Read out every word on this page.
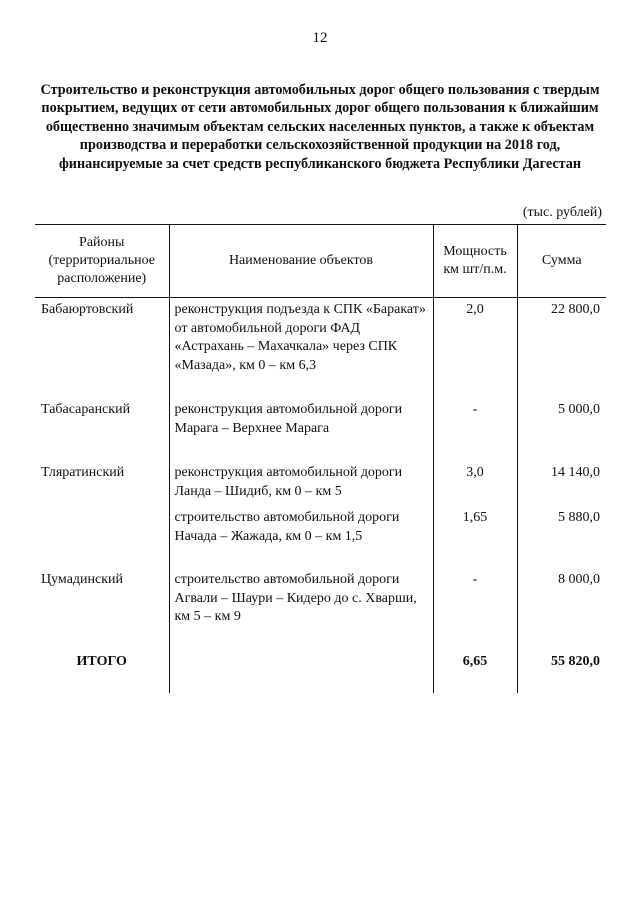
12
Строительство и реконструкция автомобильных дорог общего пользования с твердым покрытием, ведущих от сети автомобильных дорог общего пользования к ближайшим общественно значимым объектам сельских населенных пунктов, а также к объектам производства и переработки сельскохозяйственной продукции на 2018 год, финансируемые за счет средств республиканского бюджета Республики Дагестан
(тыс. рублей)
Районы (территориальное расположение)	Наименование объектов	Мощность км шт/п.м.	Сумма
Бабаюртовский	реконструкция подъезда к СПК «Баракат» от автомобильной дороги ФАД «Астрахань – Махачкала» через СПК «Мазада», км 0 – км 6,3	2,0	22 800,0
Табасаранский	реконструкция автомобильной дороги Марага – Верхнее Марага	-	5 000,0
Тляратинский	реконструкция автомобильной дороги Ланда – Шидиб, км 0 – км 5	3,0	14 140,0
	строительство автомобильной дороги Начада – Жажада, км 0 – км 1,5	1,65	5 880,0
Цумадинский	строительство автомобильной дороги Агвали – Шаури – Кидеро до с. Хварши, км 5 – км 9	-	8 000,0
ИТОГО		6,65	55 820,0
